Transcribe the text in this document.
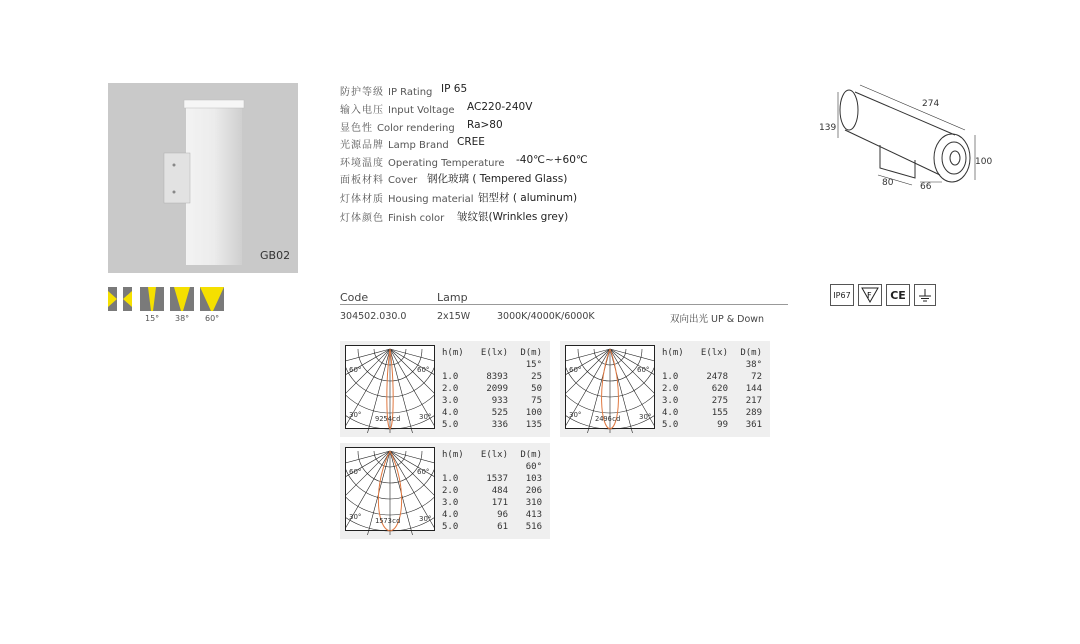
GB02
15° 38° 60°
防护等级 IP Rating IP 65
输入电压 Input Voltage AC220-240V
显色性 Color rendering Ra>80
光源品牌 Lamp Brand CREE
环境温度 Operating Temperature -40℃~+60℃
面板材料 Cover 钢化玻璃 ( Tempered Glass)
灯体材质 Housing material 铝型材 ( aluminum)
灯体颜色 Finish color 皱纹银(Wrinkles grey)
274
139
100
80	66
IP67	F	CE
Code	Lamp
304502.030.0	2x15W	3000K/4000K/6000K	双向出光 UP & Down
60°	60°
30°	30°
9254cd
h(m) E(lx) D(m)
15°
1.0	8393	25
2.0	2099	50
3.0	933	75
4.0	525 100
5.0	336 135
60°	60°
30°	30°
2496cd
h(m) E(lx) D(m)
38°
1.0	2478	72
2.0	620 144
3.0	275 217
4.0	155 289
5.0	99 361
60°	60°
30°	30°
1573cd
h(m) E(lx) D(m)
60°
1.0	1537 103
2.0	484 206
3.0	171 310
4.0	96 413
5.0	61 516
